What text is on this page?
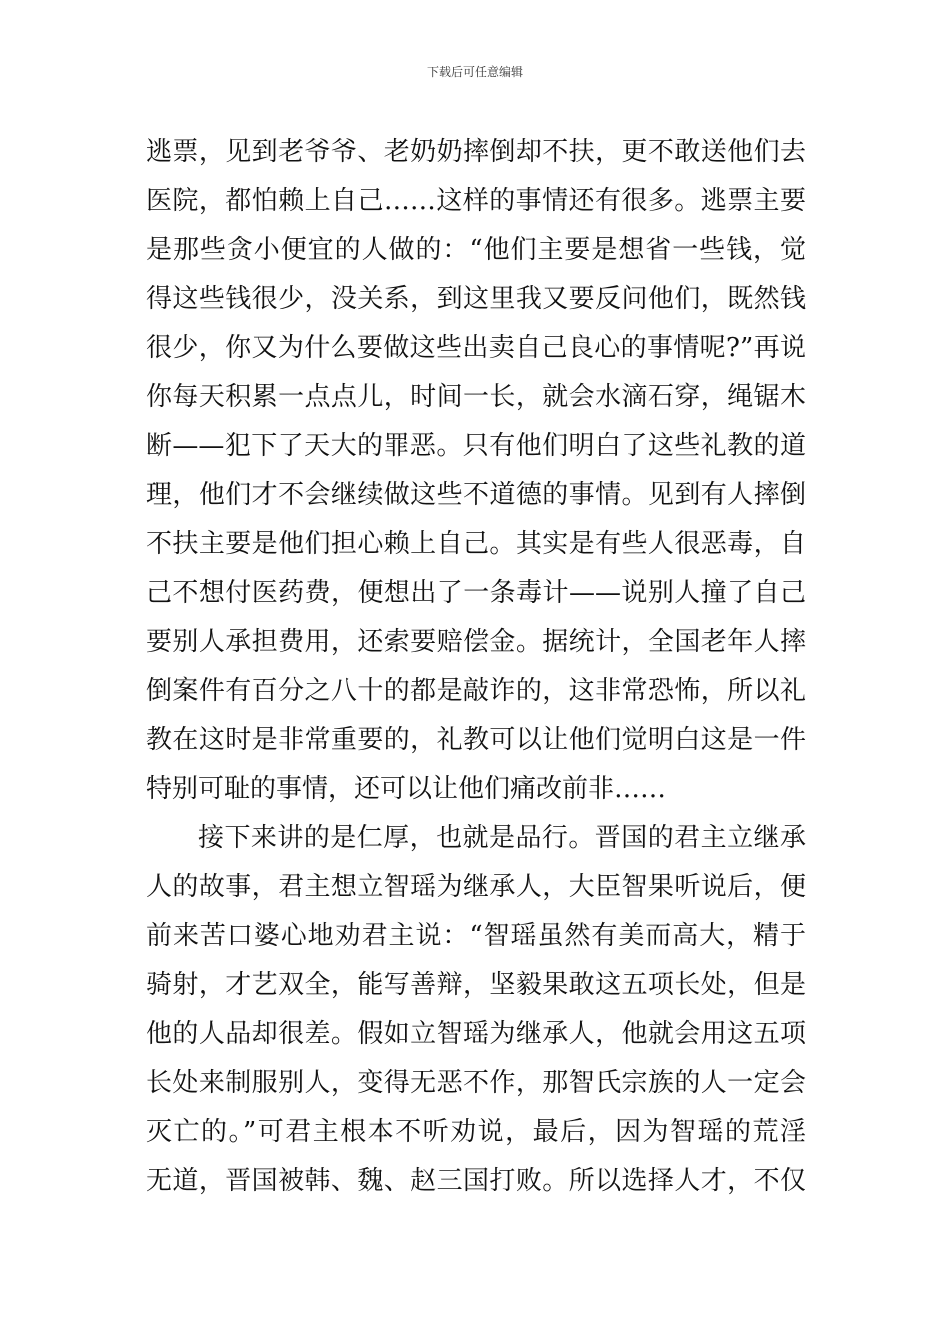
下载后可任意编辑
逃票，见到老爷爷、老奶奶摔倒却不扶，更不敢送他们去
医院，都怕赖上自己……这样的事情还有很多。逃票主要
是那些贪小便宜的人做的：“他们主要是想省一些钱，觉
得这些钱很少，没关系，到这里我又要反问他们，既然钱
很少，你又为什么要做这些出卖自己良心的事情呢?”再说
你每天积累一点点儿，时间一长，就会水滴石穿，绳锯木
断——犯下了天大的罪恶。只有他们明白了这些礼教的道
理，他们才不会继续做这些不道德的事情。见到有人摔倒
不扶主要是他们担心赖上自己。其实是有些人很恶毒，自
己不想付医药费，便想出了一条毒计——说别人撞了自己
要别人承担费用，还索要赔偿金。据统计，全国老年人摔
倒案件有百分之八十的都是敲诈的，这非常恐怖，所以礼
教在这时是非常重要的，礼教可以让他们觉明白这是一件
特别可耻的事情，还可以让他们痛改前非……
接下来讲的是仁厚，也就是品行。晋国的君主立继承
人的故事，君主想立智瑶为继承人，大臣智果听说后，便
前来苦口婆心地劝君主说：“智瑶虽然有美而高大，精于
骑射，才艺双全，能写善辩，坚毅果敢这五项长处，但是
他的人品却很差。假如立智瑶为继承人，他就会用这五项
长处来制服别人，变得无恶不作，那智氏宗族的人一定会
灭亡的。”可君主根本不听劝说，最后，因为智瑶的荒淫
无道，晋国被韩、魏、赵三国打败。所以选择人才，不仅
